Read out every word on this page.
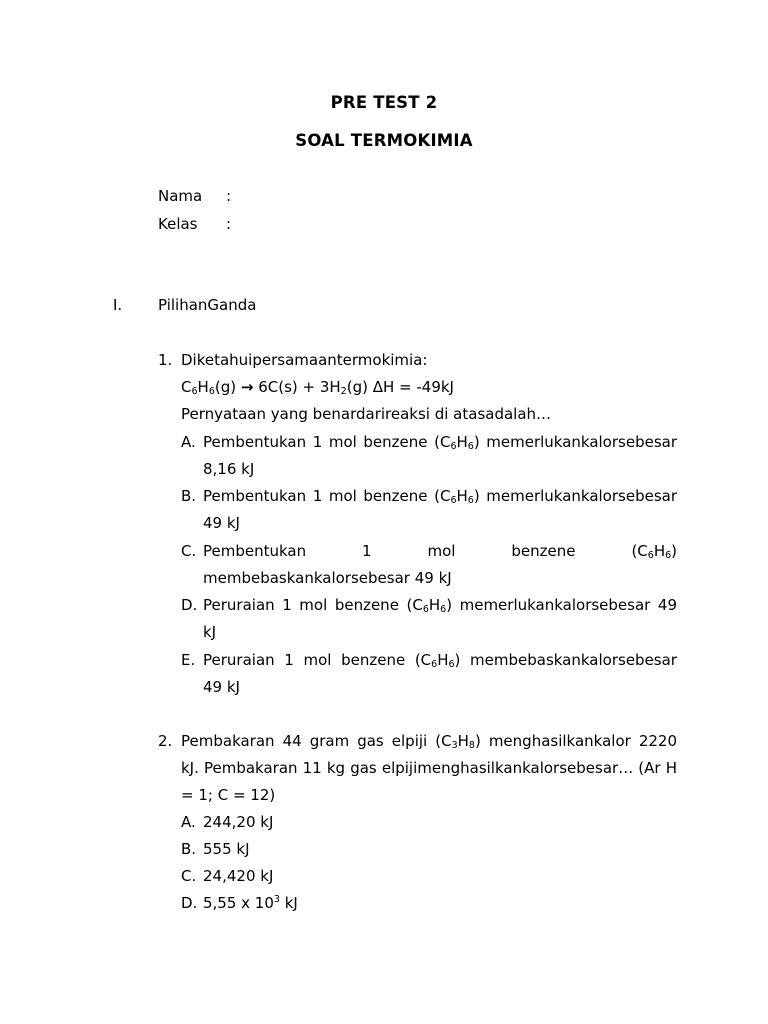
PRE TEST 2
SOAL TERMOKIMIA
Nama :
Kelas :
I. PilihanGanda
1. Diketahuipersamaantermokimia:
$C_6H_6(g) \to 6C(s) + 3H_2(g) \Delta H = -49kJ$
Pernyataan yang benardarireaksi di atasadalah…
A. Pembentukan 1 mol benzene $(C_6H_6)$ memerlukankalorsebesar
8,16 kJ
B. Pembentukan 1 mol benzene $(C_6H_6)$ memerlukankalorsebesar
49 kJ
C. Pembentukan	1	mol	benzene	$(C_6H_6)$
membebaskankalorsebesar 49 kJ
D. Peruraian 1 mol benzene $(C_6H_6)$ memerlukankalorsebesar 49
kJ
E. Peruraian 1 mol benzene $(C_6H_6)$ membebaskankalorsebesar
49 kJ
2. Pembakaran 44 gram gas elpiji $(C_3H_8)$ menghasilkankalor 2220
kJ. Pembakaran 11 kg gas elpijimenghasilkankalorsebesar… (Ar H
= 1; C = 12)
A. 244,20 kJ
B. 555 kJ
C. 24,420 kJ
D. 5,55 x $10^3$ kJ
